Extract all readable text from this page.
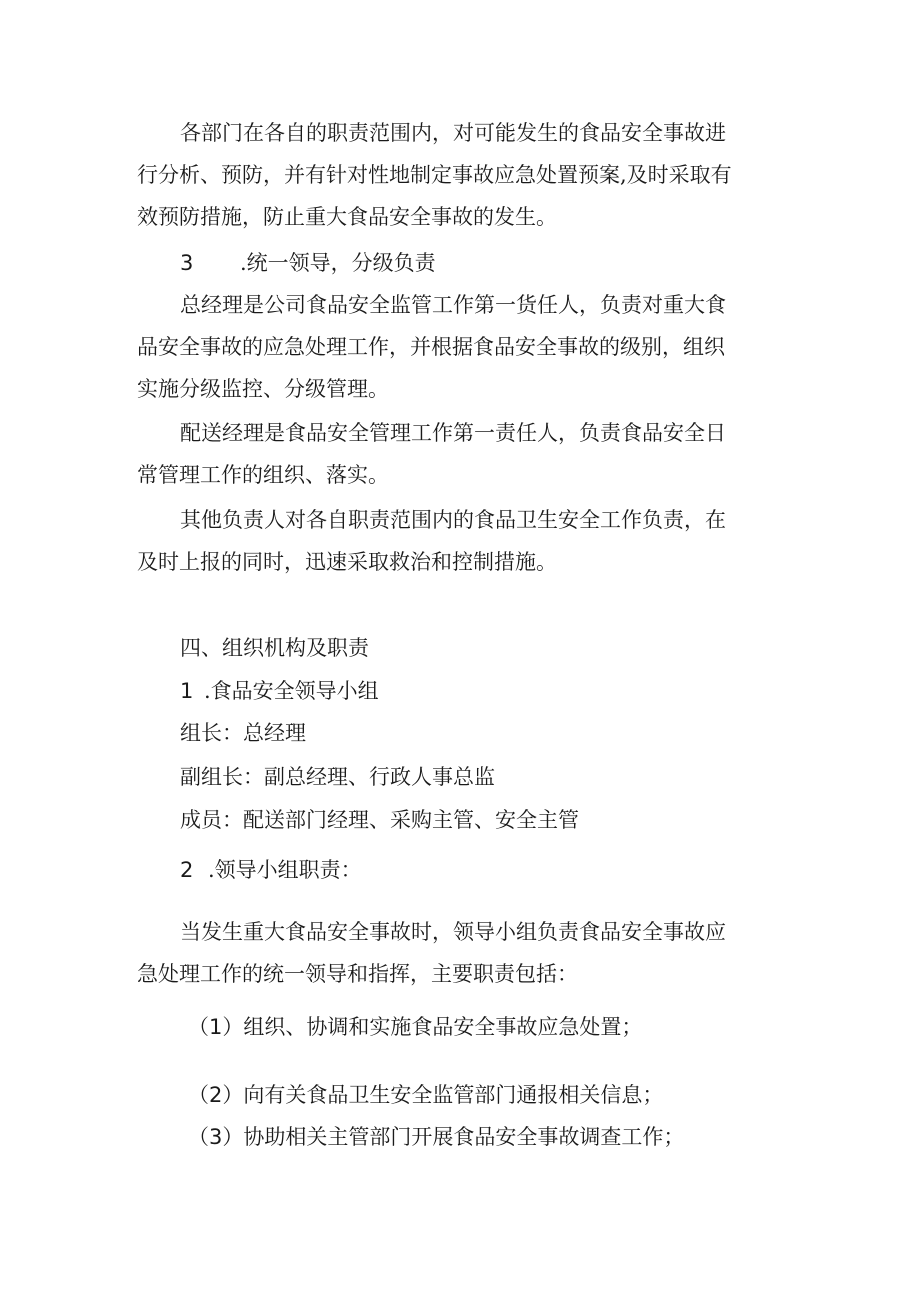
各部门在各自的职责范围内，对可能发生的食品安全事故进
行分析、预防，并有针对性地制定事故应急处置预案,及时采取有
效预防措施，防止重大食品安全事故的发生。
3 .统一领导，分级负责
总经理是公司食品安全监管工作第一货任人，负责对重大食
品安全事故的应急处理工作，并根据食品安全事故的级别，组织
实施分级监控、分级管理。
配送经理是食品安全管理工作第一责任人，负责食品安全日
常管理工作的组织、落实。
其他负责人对各自职责范围内的食品卫生安全工作负责，在
及时上报的同时，迅速采取救治和控制措施。
四、组织机构及职责
1 .食品安全领导小组
组长：总经理
副组长：副总经理、行政人事总监
成员：配送部门经理、采购主管、安全主管
2 .领导小组职责：
当发生重大食品安全事故时，领导小组负责食品安全事故应
急处理工作的统一领导和指挥，主要职责包括：
（1）组织、协调和实施食品安全事故应急处置；
（2）向有关食品卫生安全监管部门通报相关信息；
（3）协助相关主管部门开展食品安全事故调查工作；
